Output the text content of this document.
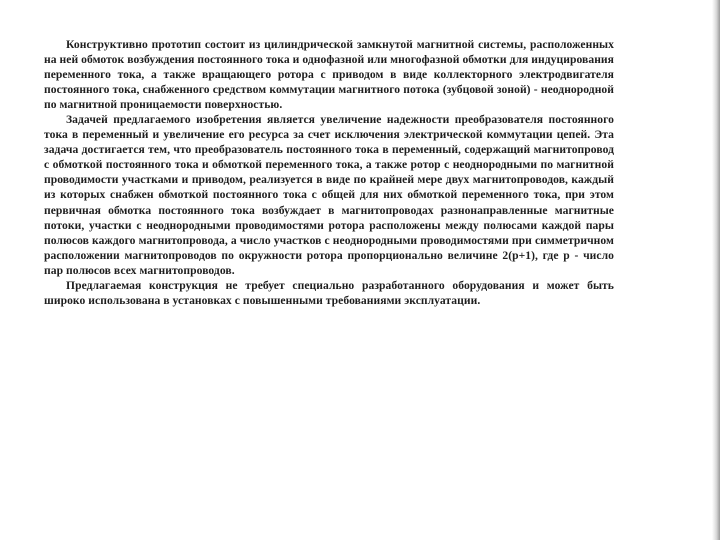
Конструктивно прототип состоит из цилиндрической замкнутой магнитной системы, расположенных на ней обмоток возбуждения постоянного тока и однофазной или многофазной обмотки для индуцирования переменного тока, а также вращающего ротора с приводом в виде коллекторного электродвигателя постоянного тока, снабженного средством коммутации магнитного потока (зубцовой зоной) - неоднородной по магнитной проницаемости поверхностью.

Задачей предлагаемого изобретения является увеличение надежности преобразователя постоянного тока в переменный и увеличение его ресурса за счет исключения электрической коммутации цепей. Эта задача достигается тем, что преобразователь постоянного тока в переменный, содержащий магнитопровод с обмоткой постоянного тока и обмоткой переменного тока, а также ротор с неоднородными по магнитной проводимости участками и приводом, реализуется в виде по крайней мере двух магнитопроводов, каждый из которых снабжен обмоткой постоянного тока с общей для них обмоткой переменного тока, при этом первичная обмотка постоянного тока возбуждает в магнитопроводах разнонаправленные магнитные потоки, участки с неоднородными проводимостями ротора расположены между полюсами каждой пары полюсов каждого магнитопровода, а число участков с неоднородными проводимостями при симметричном расположении магнитопроводов по окружности ротора пропорционально величине 2(р+1), где р - число пар полюсов всех магнитопроводов.

Предлагаемая конструкция не требует специально разработанного оборудования и может быть широко использована в установках с повышенными требованиями эксплуатации.
